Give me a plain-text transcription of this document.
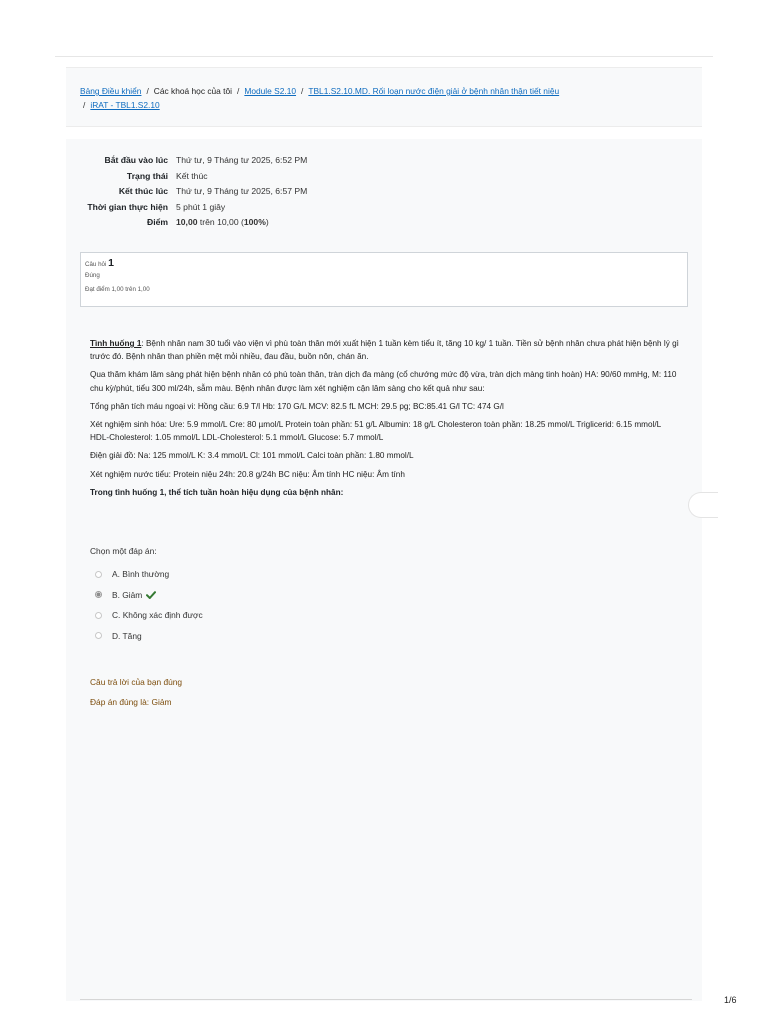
Bảng Điều khiển / Các khoá học của tôi / Module S2.10 / TBL1.S2.10.MD. Rối loạn nước điện giải ở bệnh nhân thận tiết niệu
/ iRAT - TBL1.S2.10
Bắt đầu vào lúc	Thứ tư, 9 Tháng tư 2025, 6:52 PM
Trạng thái	Kết thúc
Kết thúc lúc	Thứ tư, 9 Tháng tư 2025, 6:57 PM
Thời gian thực hiện	5 phút 1 giây
Điểm	10,00 trên 10,00 (100%)
Câu hỏi 1
Đúng
Đạt điểm 1,00 trên 1,00

Tình huống 1: Bệnh nhân nam 30 tuổi vào viện vì phù toàn thân mới xuất hiện 1 tuần kèm tiểu ít, tăng 10 kg/ 1 tuần. Tiền sử bệnh nhân chưa phát hiện bệnh lý gì trước đó. Bệnh nhân than phiền mệt mỏi nhiều, đau đầu, buồn nôn, chán ăn.

Qua thăm khám lâm sàng phát hiện bệnh nhân có phù toàn thân, tràn dịch đa màng (cổ chướng mức độ vừa, tràn dịch màng tinh hoàn) HA: 90/60 mmHg, M: 110 chu kỳ/phút, tiểu 300 ml/24h, sẫm màu. Bệnh nhân được làm xét nghiệm cận lâm sàng cho kết quả như sau:

Tổng phân tích máu ngoại vi: Hồng cầu: 6.9 T/l Hb: 170 G/L MCV: 82.5 fL MCH: 29.5 pg; BC:85.41 G/l TC: 474 G/l

Xét nghiệm sinh hóa: Ure: 5.9 mmol/L Cre: 80 µmol/L Protein toàn phần: 51 g/L Albumin: 18 g/L Cholesteron toàn phần: 18.25 mmol/L Triglicerid: 6.15 mmol/L HDL-Cholesterol: 1.05 mmol/L LDL-Cholesterol: 5.1 mmol/L Glucose: 5.7 mmol/L

Điện giải đồ: Na: 125 mmol/L K: 3.4 mmol/L Cl: 101 mmol/L Calci toàn phần: 1.80 mmol/L

Xét nghiệm nước tiểu: Protein niệu 24h: 20.8 g/24h BC niệu: Âm tính HC niệu: Âm tính

Trong tình huống 1, thể tích tuần hoàn hiệu dụng của bệnh nhân:

Chọn một đáp án:
A. Bình thường
B. Giảm
C. Không xác định được
D. Tăng
Câu trả lời của bạn đúng
Đáp án đúng là: Giảm
1/6
